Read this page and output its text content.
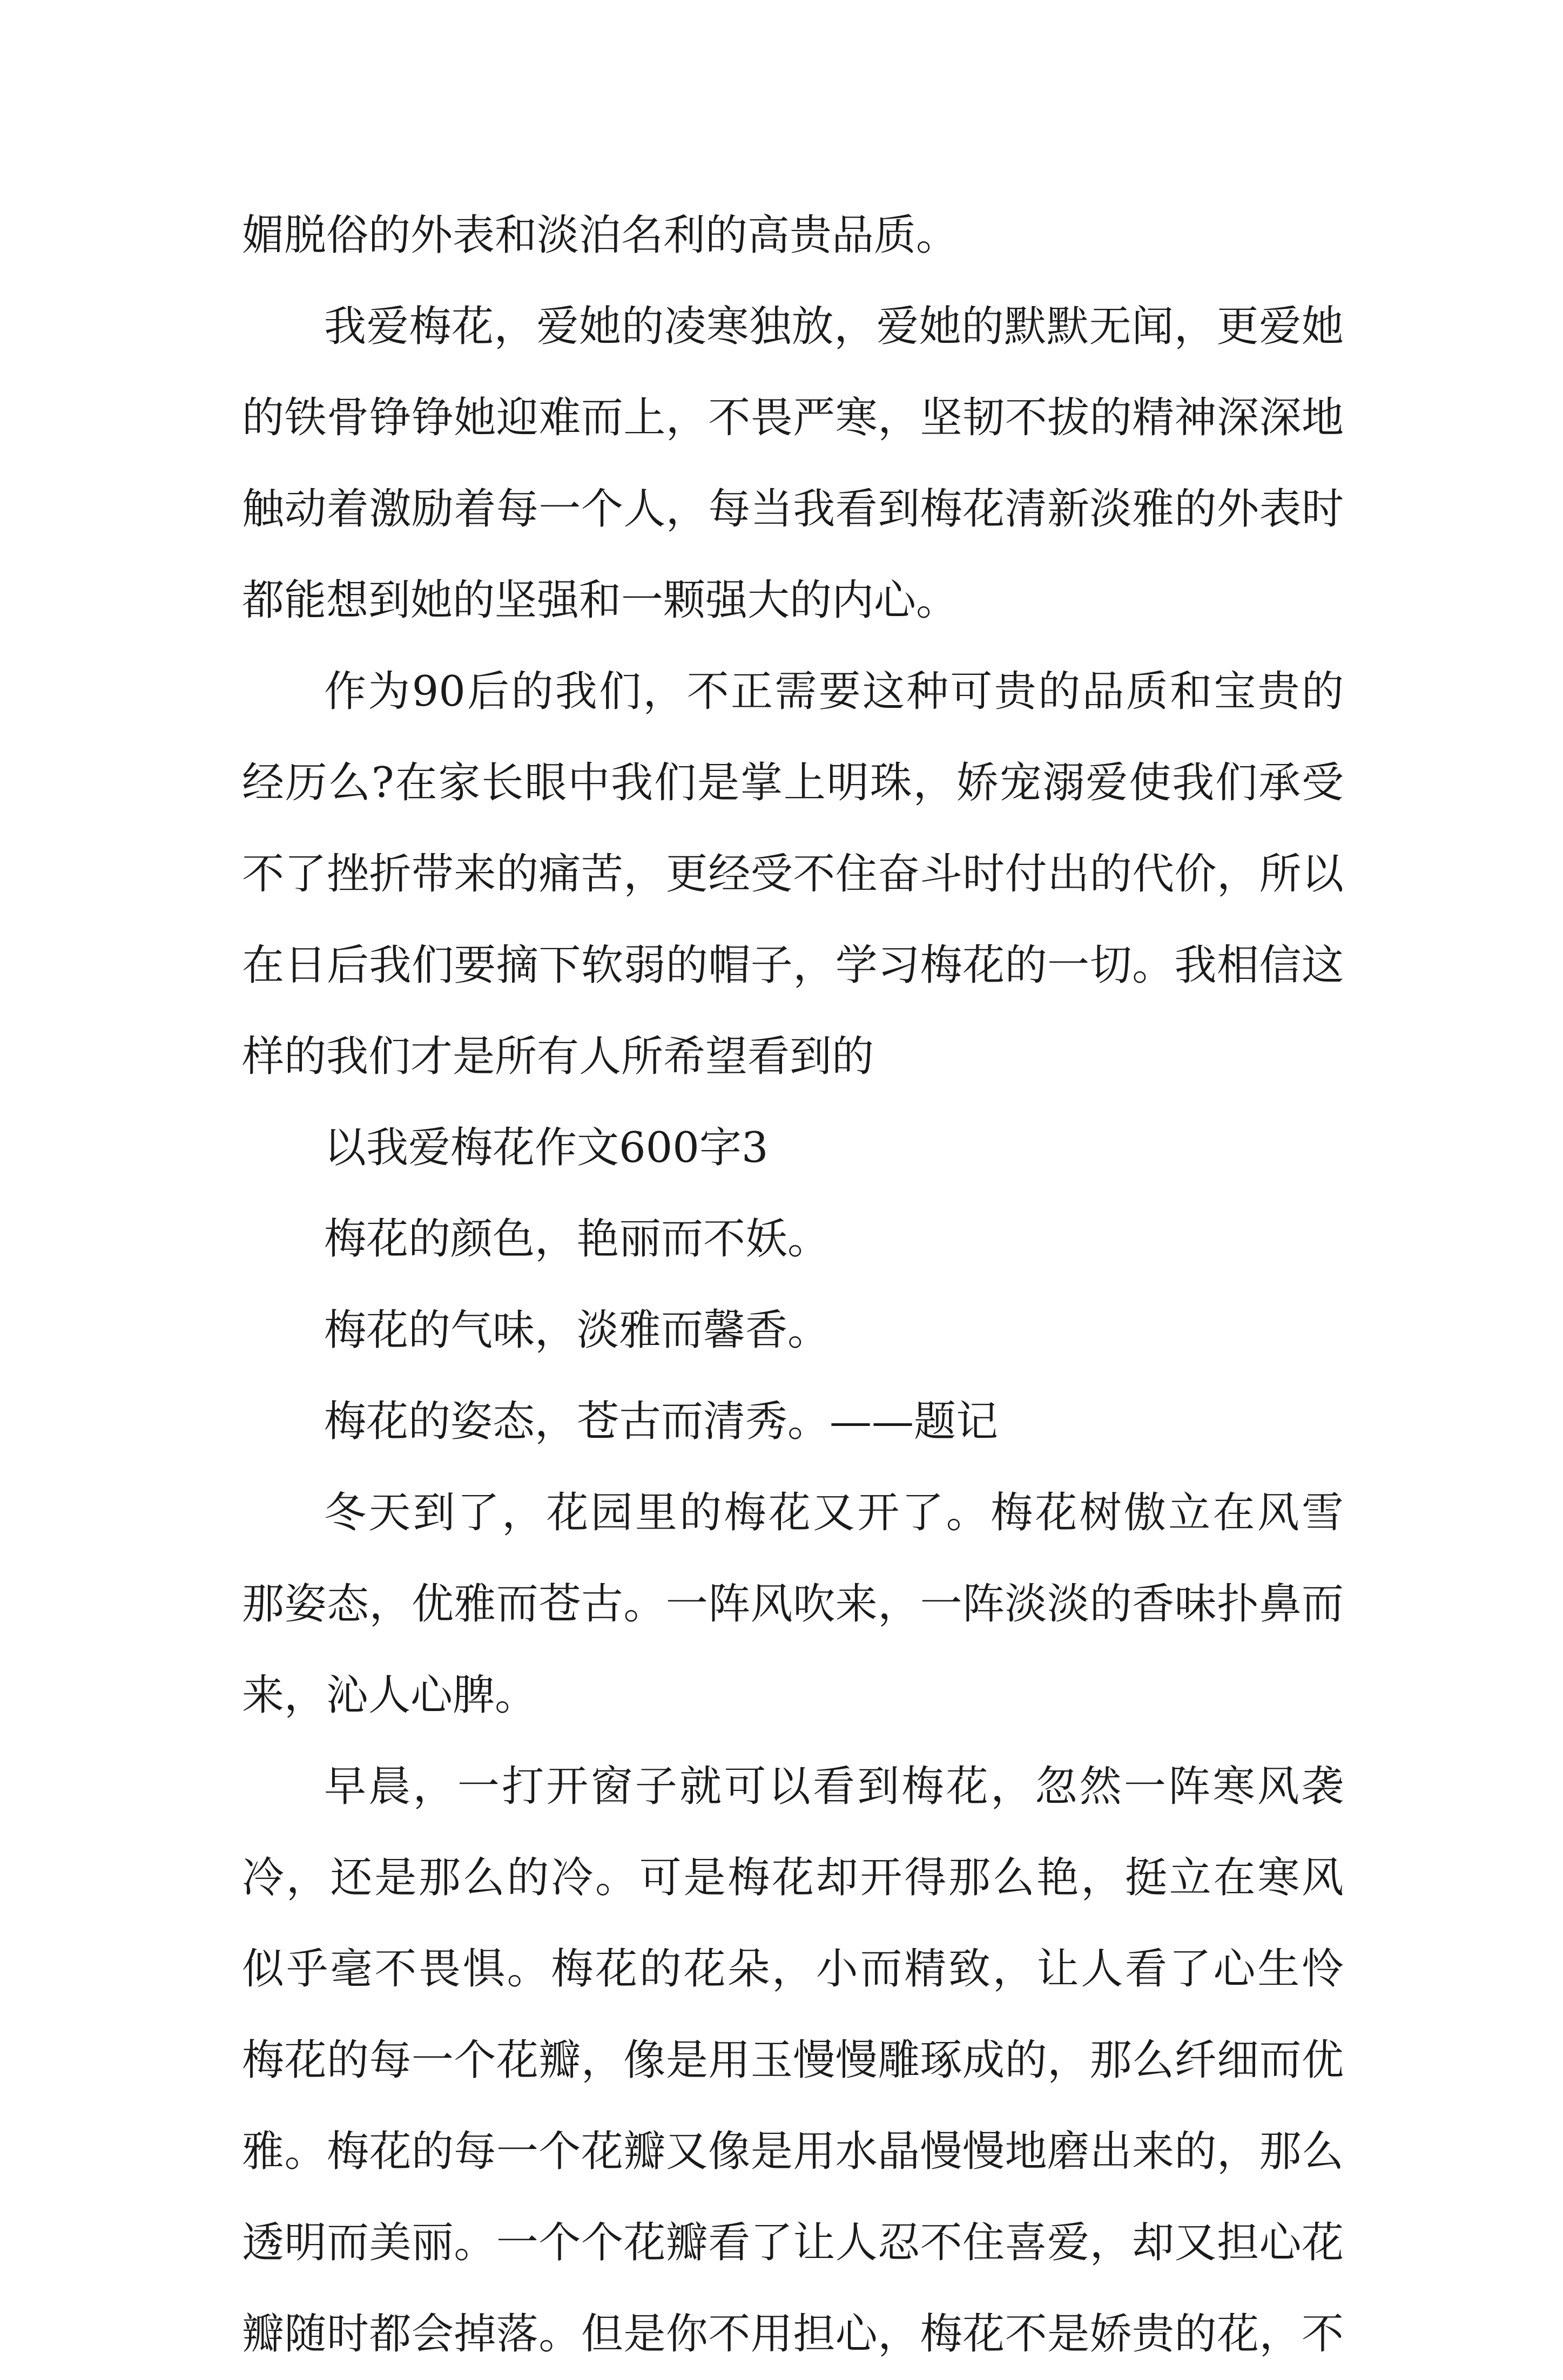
媚脱俗的外表和淡泊名利的高贵品质。
我爱梅花，爱她的凌寒独放，爱她的默默无闻，更爱她
的铁骨铮铮她迎难而上，不畏严寒，坚韧不拔的精神深深地
触动着激励着每一个人，每当我看到梅花清新淡雅的外表时
都能想到她的坚强和一颗强大的内心。
作为90后的我们，不正需要这种可贵的品质和宝贵的
经历么?在家长眼中我们是掌上明珠，娇宠溺爱使我们承受
不了挫折带来的痛苦，更经受不住奋斗时付出的代价，所以
在日后我们要摘下软弱的帽子，学习梅花的一切。我相信这
样的我们才是所有人所希望看到的
以我爱梅花作文600字3
梅花的颜色，艳丽而不妖。
梅花的气味，淡雅而馨香。
梅花的姿态，苍古而清秀。——题记
冬天到了，花园里的梅花又开了。梅花树傲立在风雪
那姿态，优雅而苍古。一阵风吹来，一阵淡淡的香味扑鼻而
来，沁人心脾。
早晨，一打开窗子就可以看到梅花，忽然一阵寒风袭
冷，还是那么的冷。可是梅花却开得那么艳，挺立在寒风
似乎毫不畏惧。梅花的花朵，小而精致，让人看了心生怜
梅花的每一个花瓣，像是用玉慢慢雕琢成的，那么纤细而优
雅。梅花的每一个花瓣又像是用水晶慢慢地磨出来的，那么
透明而美丽。一个个花瓣看了让人忍不住喜爱，却又担心花
瓣随时都会掉落。但是你不用担心，梅花不是娇贵的花，不
